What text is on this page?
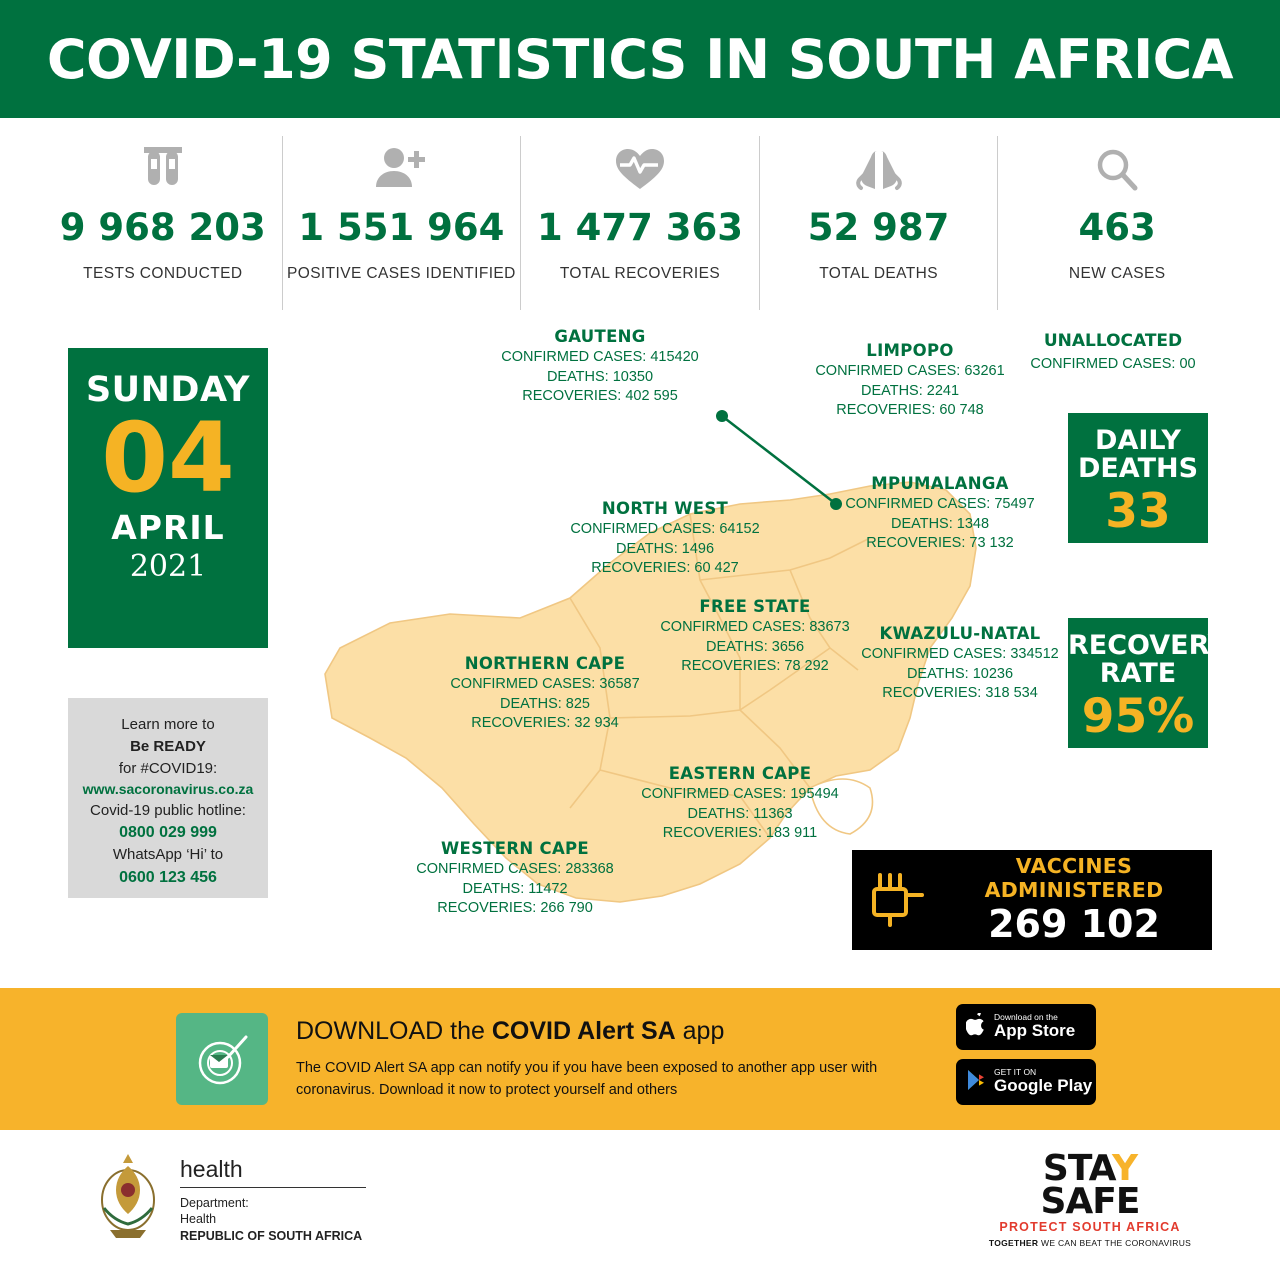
COVID-19 STATISTICS IN SOUTH AFRICA
9 968 203
TESTS CONDUCTED
1 551 964
POSITIVE CASES IDENTIFIED
1 477 363
TOTAL RECOVERIES
52 987
TOTAL DEATHS
463
NEW CASES
SUNDAY
04
APRIL
2021
Learn more to
Be READY
for #COVID19:
www.sacoronavirus.co.za
Covid-19 public hotline:
0800 029 999
WhatsApp ‘Hi’ to
0600 123 456
GAUTENG
CONFIRMED CASES: 415420
DEATHS: 10350
RECOVERIES: 402 595
LIMPOPO
CONFIRMED CASES: 63261
DEATHS: 2241
RECOVERIES: 60 748
MPUMALANGA
CONFIRMED CASES: 75497
DEATHS: 1348
RECOVERIES: 73 132
NORTH WEST
CONFIRMED CASES: 64152
DEATHS: 1496
RECOVERIES: 60 427
FREE STATE
CONFIRMED CASES: 83673
DEATHS: 3656
RECOVERIES: 78 292
KWAZULU-NATAL
CONFIRMED CASES: 334512
DEATHS: 10236
RECOVERIES: 318 534
NORTHERN CAPE
CONFIRMED CASES: 36587
DEATHS: 825
RECOVERIES: 32 934
EASTERN CAPE
CONFIRMED CASES: 195494
DEATHS: 11363
RECOVERIES: 183 911
WESTERN CAPE
CONFIRMED CASES: 283368
DEATHS: 11472
RECOVERIES: 266 790
UNALLOCATED
CONFIRMED CASES: 00
DAILY
DEATHS
33
RECOVERY
RATE
95%
VACCINES ADMINISTERED
269 102
DOWNLOAD the COVID Alert SA app

The COVID Alert SA app can notify you if you have been exposed to another app user with coronavirus. Download it now to protect yourself and others

Download on the
App Store
GET IT ON
Google Play
health
Department:
Health
REPUBLIC OF SOUTH AFRICA
STAY
SAFE
PROTECT SOUTH AFRICA
TOGETHER WE CAN BEAT THE CORONAVIRUS
